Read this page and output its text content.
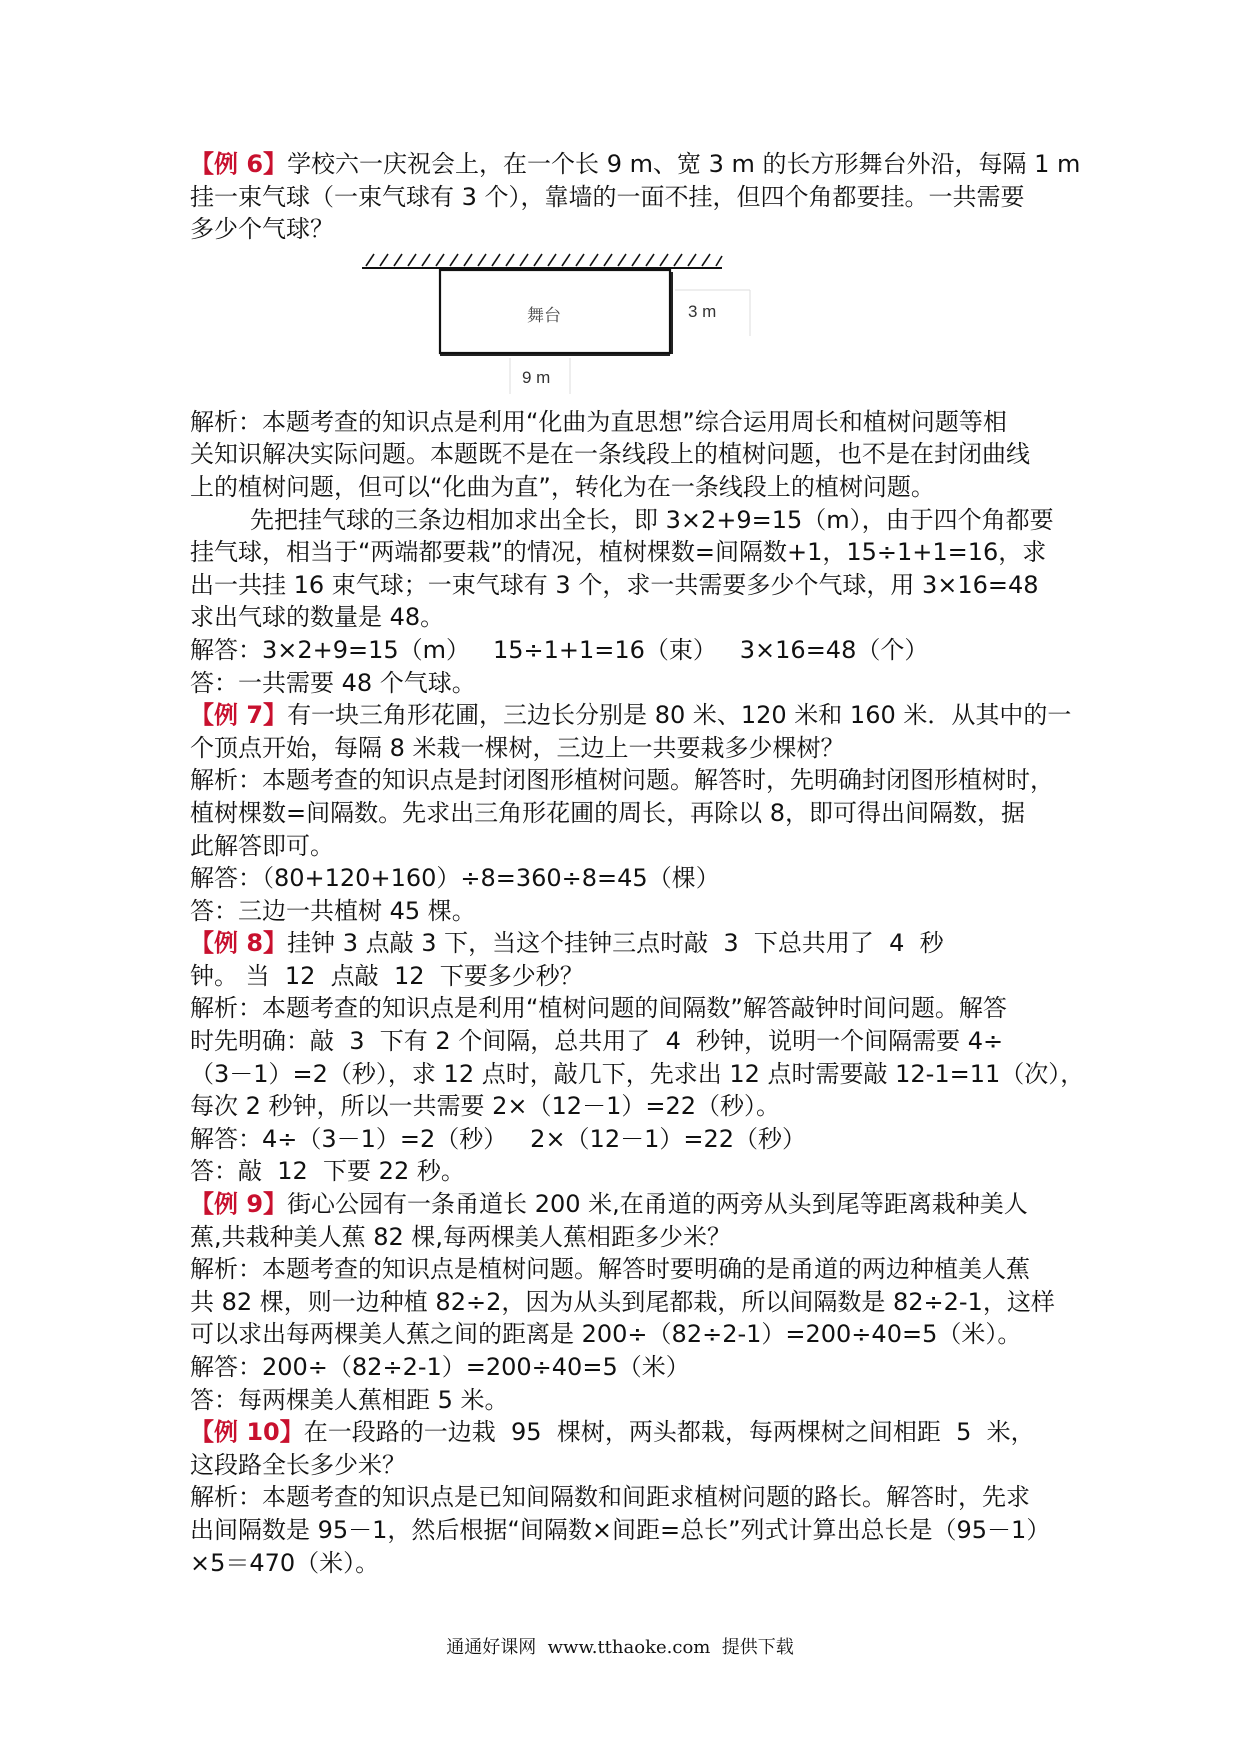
【例 6】学校六一庆祝会上，在一个长 9 m、宽 3 m 的长方形舞台外沿，每隔 1 m
挂一束气球（一束气球有 3 个），靠墙的一面不挂，但四个角都要挂。一共需要
多少个气球？
舞台	3 m
9 m
解析：本题考查的知识点是利用“化曲为直思想”综合运用周长和植树问题等相
关知识解决实际问题。本题既不是在一条线段上的植树问题，也不是在封闭曲线
上的植树问题，但可以“化曲为直”，转化为在一条线段上的植树问题。
先把挂气球的三条边相加求出全长，即 3×2+9=15（m），由于四个角都要
挂气球，相当于“两端都要栽”的情况，植树棵数=间隔数+1，15÷1+1=16，求
出一共挂 16 束气球；一束气球有 3 个，求一共需要多少个气球，用 3×16=48
求出气球的数量是 48。
解答：3×2+9=15（m）   15÷1+1=16（束）   3×16=48（个）
答：一共需要 48 个气球。
【例 7】有一块三角形花圃，三边长分别是 80 米、120 米和 160 米．从其中的一
个顶点开始，每隔 8 米栽一棵树，三边上一共要栽多少棵树？
解析：本题考查的知识点是封闭图形植树问题。解答时，先明确封闭图形植树时，
植树棵数=间隔数。先求出三角形花圃的周长，再除以 8，即可得出间隔数，据
此解答即可。
解答：（80+120+160）÷8=360÷8=45（棵）
答：三边一共植树 45 棵。
【例 8】挂钟 3 点敲 3 下，当这个挂钟三点时敲  3  下总共用了  4  秒
钟。 当  12  点敲  12  下要多少秒？
解析：本题考查的知识点是利用“植树问题的间隔数”解答敲钟时间问题。解答
时先明确：敲  3  下有 2 个间隔，总共用了  4  秒钟，说明一个间隔需要 4÷
（3－1）=2（秒），求 12 点时，敲几下，先求出 12 点时需要敲 12-1=11（次），
每次 2 秒钟，所以一共需要 2×（12－1）=22（秒）。
解答：4÷（3－1）=2（秒）   2×（12－1）=22（秒）
答：敲  12  下要 22 秒。
【例 9】街心公园有一条甬道长 200 米,在甬道的两旁从头到尾等距离栽种美人
蕉,共栽种美人蕉 82 棵,每两棵美人蕉相距多少米？
解析：本题考查的知识点是植树问题。解答时要明确的是甬道的两边种植美人蕉
共 82 棵，则一边种植 82÷2，因为从头到尾都栽，所以间隔数是 82÷2-1，这样
可以求出每两棵美人蕉之间的距离是 200÷（82÷2-1）=200÷40=5（米）。
解答：200÷（82÷2-1）=200÷40=5（米）
答：每两棵美人蕉相距 5 米。
【例 10】在一段路的一边栽  95  棵树，两头都栽，每两棵树之间相距  5  米，
这段路全长多少米？
解析：本题考查的知识点是已知间隔数和间距求植树问题的路长。解答时，先求
出间隔数是 95－1，然后根据“间隔数×间距=总长”列式计算出总长是（95－1）
×5＝470（米）。
通通好课网  www.tthaoke.com  提供下载
